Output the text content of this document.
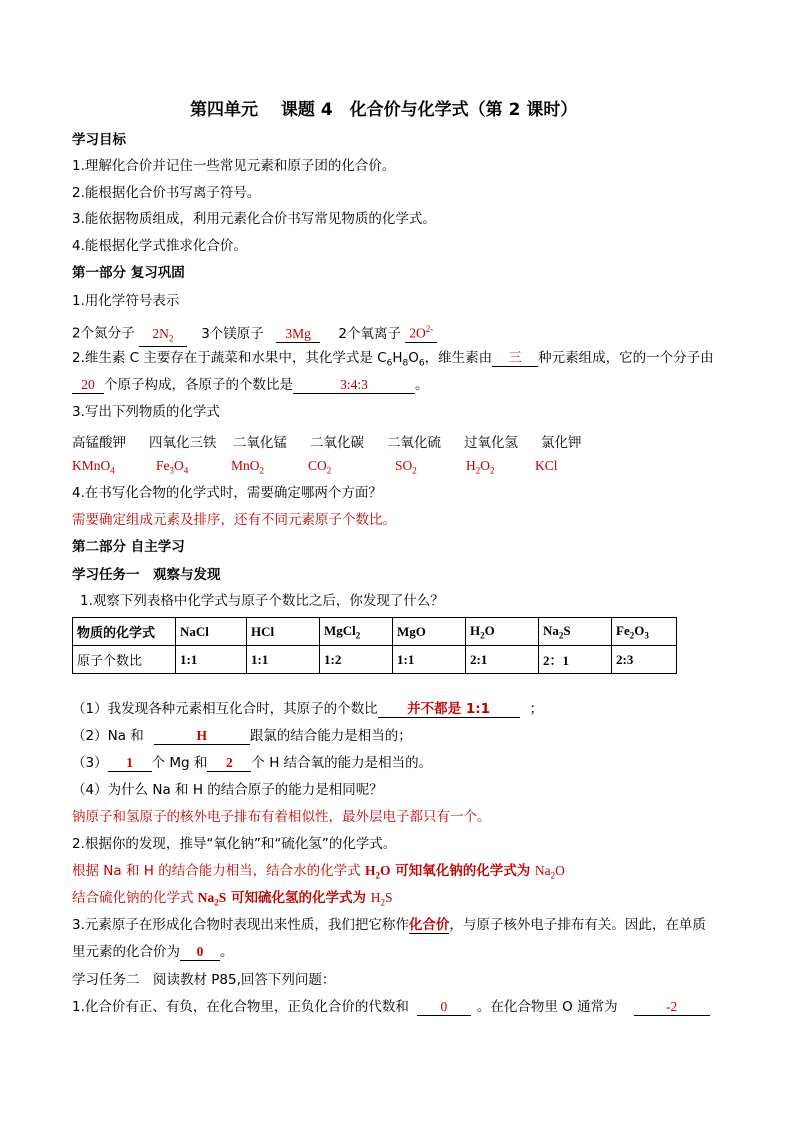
第四单元　 课题 4　化合价与化学式（第 2 课时）
学习目标
1.理解化合价并记住一些常见元素和原子团的化合价。
2.能根据化合价书写离子符号。
3.能依据物质组成，利用元素化合价书写常见物质的化学式。
4.能根据化学式推求化合价。
第一部分 复习巩固
1.用化学符号表示
2个氮分子 $2N_2$ 3个镁原子 3Mg 2个氧离子 $2O^{2-}$
2.维生素 C 主要存在于蔬菜和水果中，其化学式是 $C_6H_8O_6$，维生素由 三 种元素组成，它的一个分子由
20 个原子构成，各原子的个数比是	3:4:3	。
3.写出下列物质的化学式
高锰酸钾 四氧化三铁 二氧化锰 二氧化碳 二氧化硫 过氧化氢 氯化钾
KMnO$_4$	$Fe_3O_4$	MnO$_2$	$CO_2$	$SO_2$	$H_2O_2$	KCl
4.在书写化合物的化学式时，需要确定哪两个方面？
需要确定组成元素及排序，还有不同元素原子个数比。
第二部分 自主学习
学习任务一　观察与发现
1.观察下列表格中化学式与原子个数比之后，你发现了什么？
物质的化学式	NaCl	HCl	MgCl$_2$	MgO	$H_2O$	$Na_2S$	$Fe_2O_3$
原子个数比	1:1	1:1	1:2	1:1	2:1	2：1	2:3
（1）我发现各种元素相互化合时，其原子的个数比 并不都是 1:1	；
（2）Na 和	H	跟氯的结合能力是相当的；
（3） 1 个 Mg 和 2 个 H 结合氧的能力是相当的。
（4）为什么 Na 和 H 的结合原子的能力是相同呢？
钠原子和氢原子的核外电子排布有着相似性，最外层电子都只有一个。
2.根据你的发现，推导“氧化钠”和“硫化氢”的化学式。
根据 Na 和 H 的结合能力相当，结合水的化学式 $H_2O$ 可知氧化钠的化学式为 $Na_2O$
结合硫化钠的化学式 $Na_2S$ 可知硫化氢的化学式为 $H_2S$
3.元素原子在形成化合物时表现出来性质，我们把它称作化合价，与原子核外电子排布有关。因此，在单质
里元素的化合价为 0 。
学习任务二　阅读教材 P85,回答下列问题：
1.化合价有正、有负，在化合物里，正负化合价的代数和 0 。在化合物里 O 通常为	-2
